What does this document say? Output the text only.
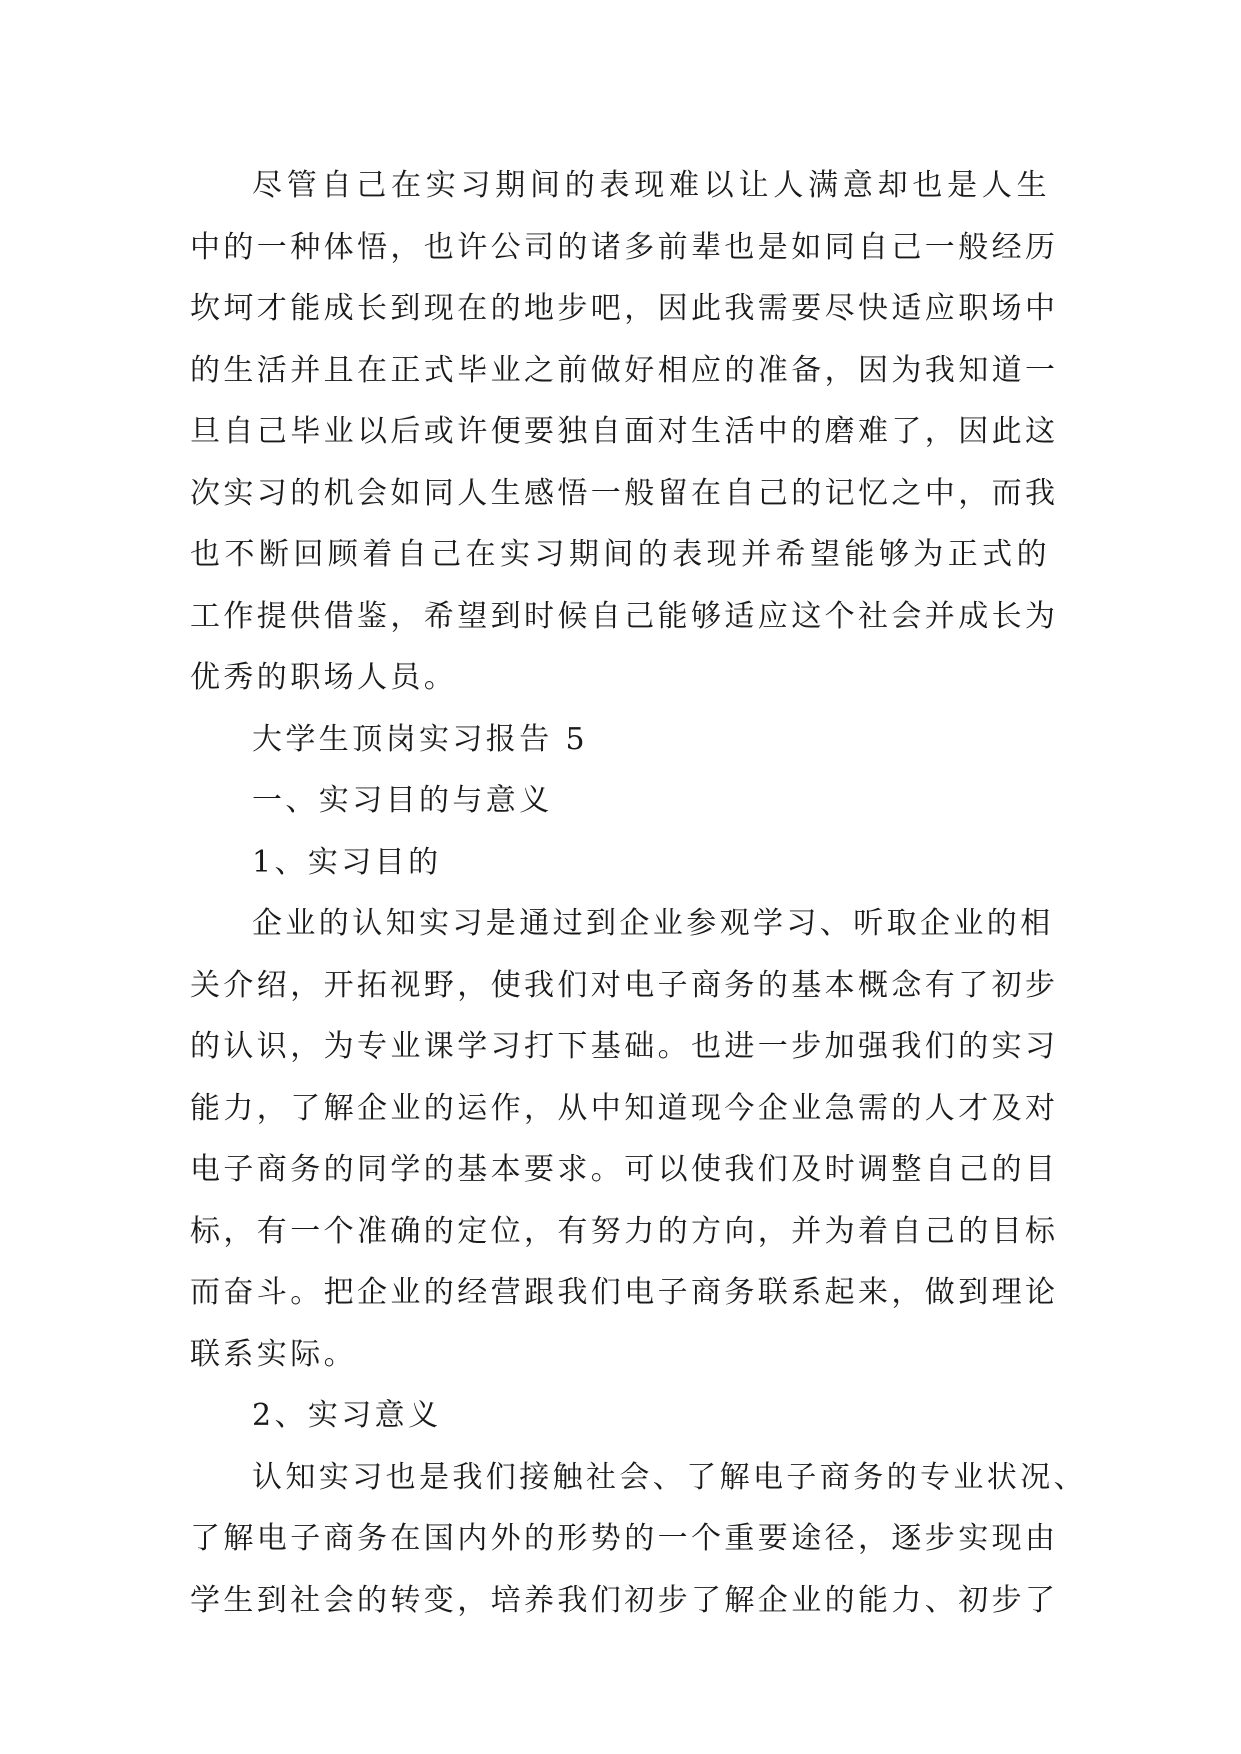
尽管自己在实习期间的表现难以让人满意却也是人生
中的一种体悟，也许公司的诸多前辈也是如同自己一般经历
坎坷才能成长到现在的地步吧，因此我需要尽快适应职场中
的生活并且在正式毕业之前做好相应的准备，因为我知道一
旦自己毕业以后或许便要独自面对生活中的磨难了，因此这
次实习的机会如同人生感悟一般留在自己的记忆之中，而我
也不断回顾着自己在实习期间的表现并希望能够为正式的
工作提供借鉴，希望到时候自己能够适应这个社会并成长为
优秀的职场人员。
大学生顶岗实习报告 5
一、实习目的与意义
1、实习目的
企业的认知实习是通过到企业参观学习、听取企业的相
关介绍，开拓视野，使我们对电子商务的基本概念有了初步
的认识，为专业课学习打下基础。也进一步加强我们的实习
能力，了解企业的运作，从中知道现今企业急需的人才及对
电子商务的同学的基本要求。可以使我们及时调整自己的目
标，有一个准确的定位，有努力的方向，并为着自己的目标
而奋斗。把企业的经营跟我们电子商务联系起来，做到理论
联系实际。
2、实习意义
认知实习也是我们接触社会、了解电子商务的专业状况、
了解电子商务在国内外的形势的一个重要途径，逐步实现由
学生到社会的转变，培养我们初步了解企业的能力、初步了
